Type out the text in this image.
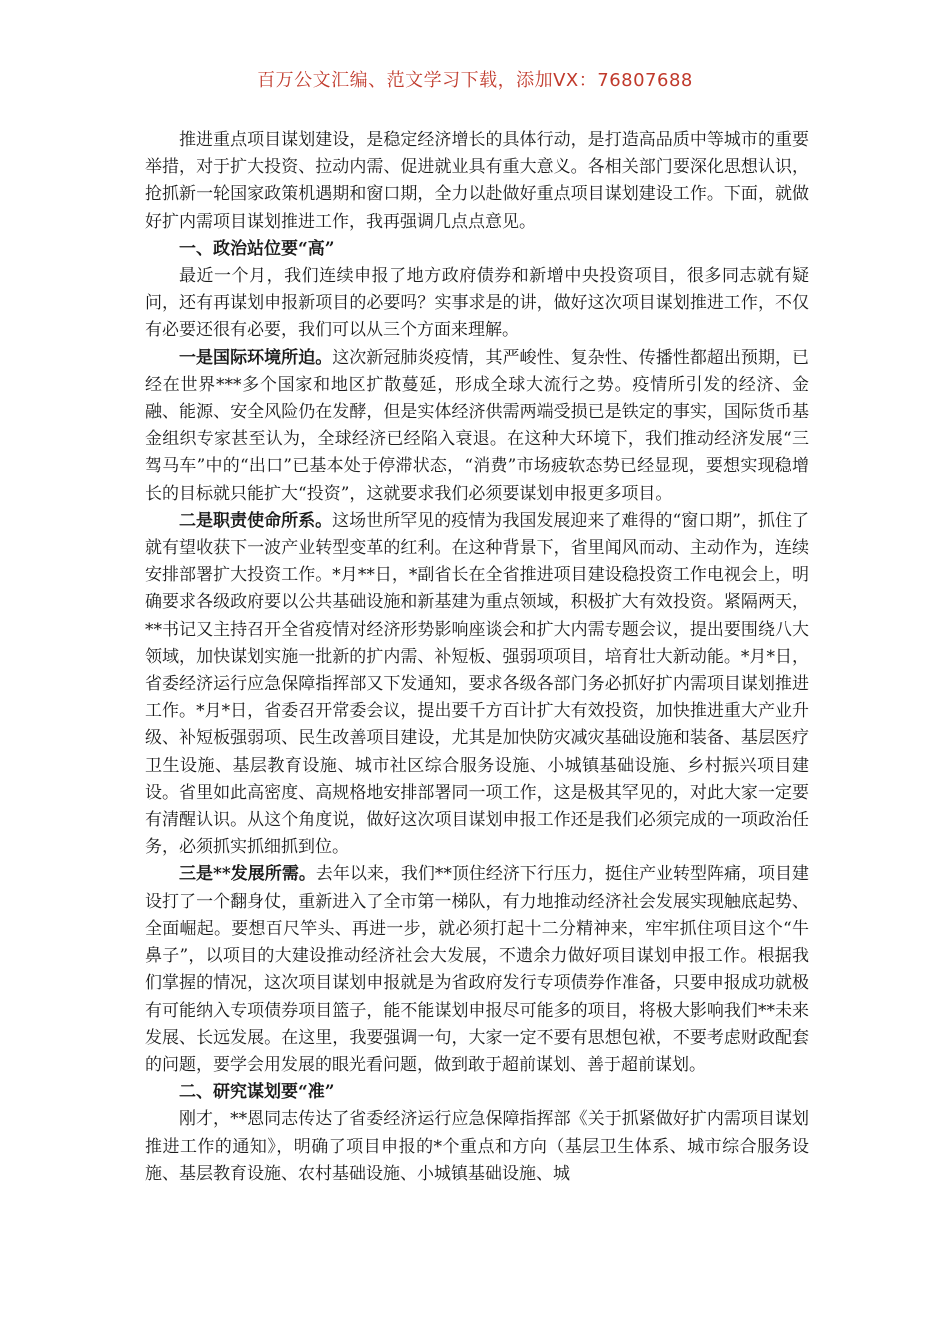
百万公文汇编、范文学习下载，添加VX：76807688

推进重点项目谋划建设，是稳定经济增长的具体行动，是打造高品质中等城市的重要举措，对于扩大投资、拉动内需、促进就业具有重大意义。各相关部门要深化思想认识，抢抓新一轮国家政策机遇期和窗口期，全力以赴做好重点项目谋划建设工作。下面，就做好扩内需项目谋划推进工作，我再强调几点点意见。

一、政治站位要“高”

最近一个月，我们连续申报了地方政府债券和新增中央投资项目，很多同志就有疑问，还有再谋划申报新项目的必要吗？实事求是的讲，做好这次项目谋划推进工作，不仅有必要还很有必要，我们可以从三个方面来理解。

一是国际环境所迫。这次新冠肺炎疫情，其严峻性、复杂性、传播性都超出预期，已经在世界***多个国家和地区扩散蔓延，形成全球大流行之势。疫情所引发的经济、金融、能源、安全风险仍在发酵，但是实体经济供需两端受损已是铁定的事实，国际货币基金组织专家甚至认为，全球经济已经陷入衰退。在这种大环境下，我们推动经济发展“三驾马车”中的“出口”已基本处于停滞状态，“消费”市场疲软态势已经显现，要想实现稳增长的目标就只能扩大“投资”，这就要求我们必须要谋划申报更多项目。

二是职责使命所系。这场世所罕见的疫情为我国发展迎来了难得的“窗口期”，抓住了就有望收获下一波产业转型变革的红利。在这种背景下，省里闻风而动、主动作为，连续安排部署扩大投资工作。*月**日，*副省长在全省推进项目建设稳投资工作电视会上，明确要求各级政府要以公共基础设施和新基建为重点领域，积极扩大有效投资。紧隔两天，**书记又主持召开全省疫情对经济形势影响座谈会和扩大内需专题会议，提出要围绕八大领域，加快谋划实施一批新的扩内需、补短板、强弱项项目，培育壮大新动能。*月*日，省委经济运行应急保障指挥部又下发通知，要求各级各部门务必抓好扩内需项目谋划推进工作。*月*日，省委召开常委会议，提出要千方百计扩大有效投资，加快推进重大产业升级、补短板强弱项、民生改善项目建设，尤其是加快防灾减灾基础设施和装备、基层医疗卫生设施、基层教育设施、城市社区综合服务设施、小城镇基础设施、乡村振兴项目建设。省里如此高密度、高规格地安排部署同一项工作，这是极其罕见的，对此大家一定要有清醒认识。从这个角度说，做好这次项目谋划申报工作还是我们必须完成的一项政治任务，必须抓实抓细抓到位。

三是**发展所需。去年以来，我们**顶住经济下行压力，挺住产业转型阵痛，项目建设打了一个翻身仗，重新进入了全市第一梯队，有力地推动经济社会发展实现触底起势、全面崛起。要想百尺竿头、再进一步，就必须打起十二分精神来，牢牢抓住项目这个“牛鼻子”，以项目的大建设推动经济社会大发展，不遗余力做好项目谋划申报工作。根据我们掌握的情况，这次项目谋划申报就是为省政府发行专项债券作准备，只要申报成功就极有可能纳入专项债券项目篮子，能不能谋划申报尽可能多的项目，将极大影响我们**未来发展、长远发展。在这里，我要强调一句，大家一定不要有思想包袱，不要考虑财政配套的问题，要学会用发展的眼光看问题，做到敢于超前谋划、善于超前谋划。

二、研究谋划要“准”

刚才，**恩同志传达了省委经济运行应急保障指挥部《关于抓紧做好扩内需项目谋划推进工作的通知》，明确了项目申报的*个重点和方向（基层卫生体系、城市综合服务设施、基层教育设施、农村基础设施、小城镇基础设施、城
